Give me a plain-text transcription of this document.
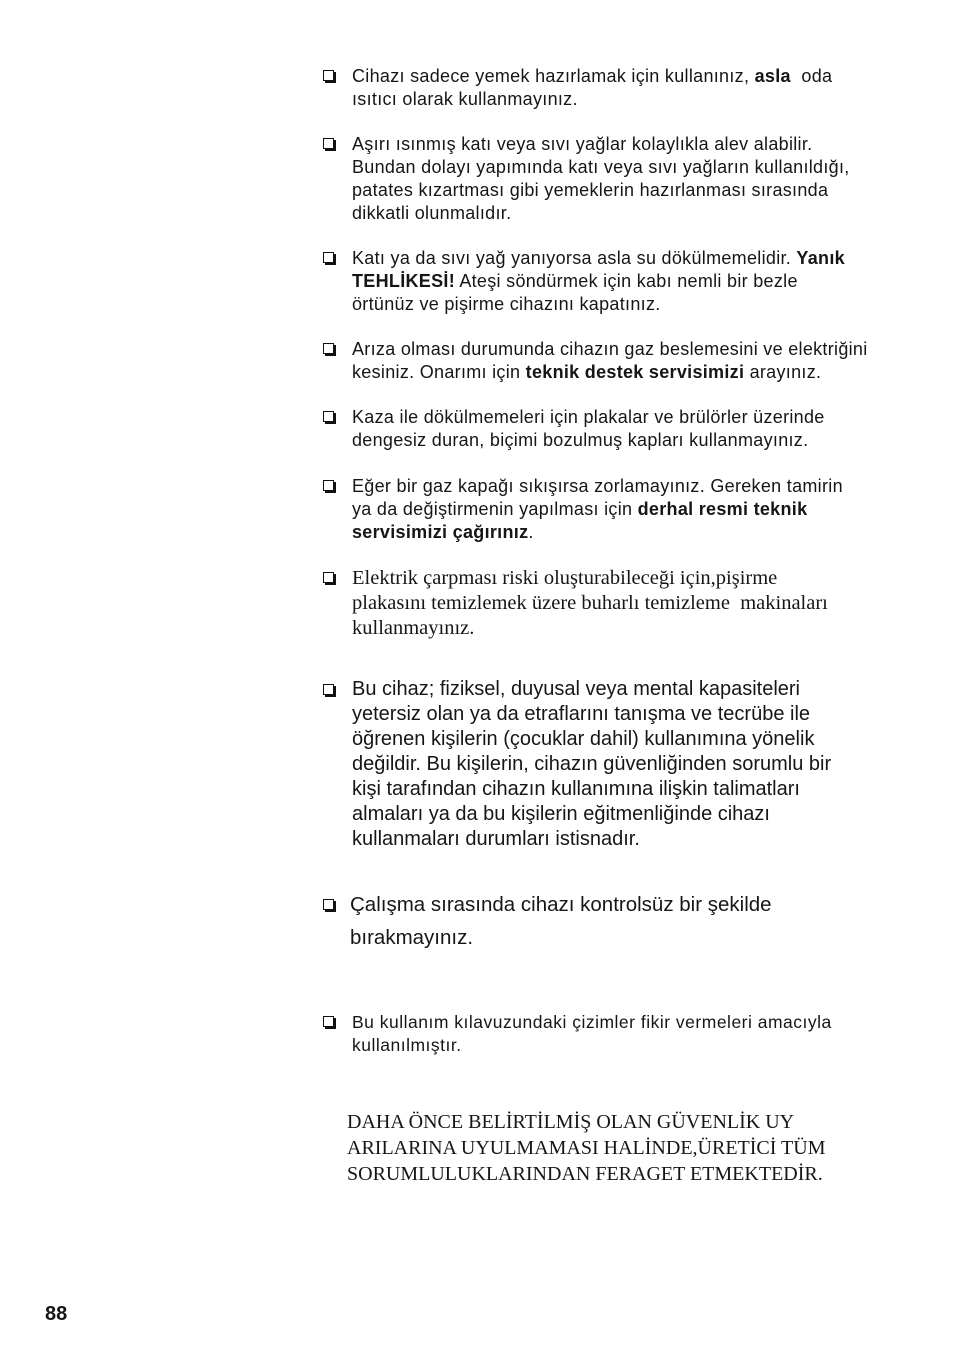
Cihazı sadece yemek hazırlamak için kullanınız, asla  oda
ısıtıcı olarak kullanmayınız.
Aşırı ısınmış katı veya sıvı yağlar kolaylıkla alev alabilir.
Bundan dolayı yapımında katı veya sıvı yağların kullanıldığı,
patates kızartması gibi yemeklerin hazırlanması sırasında
dikkatli olunmalıdır.
Katı ya da sıvı yağ yanıyorsa asla su dökülmemelidir. Yanık
TEHLİKESİ! Ateşi söndürmek için kabı nemli bir bezle
örtünüz ve pişirme cihazını kapatınız.
Arıza olması durumunda cihazın gaz beslemesini ve elektriğini
kesiniz. Onarımı için teknik destek servisimizi arayınız.
Kaza ile dökülmemeleri için plakalar ve brülörler üzerinde
dengesiz duran, biçimi bozulmuş kapları kullanmayınız.
Eğer bir gaz kapağı sıkışırsa zorlamayınız. Gereken tamirin
ya da değiştirmenin yapılması için derhal resmi teknik
servisimizi çağırınız.
Elektrik çarpması riski oluşturabileceği için,pişirme
plakasını temizlemek üzere buharlı temizleme  makinaları
kullanmayınız.
Bu cihaz; fiziksel, duyusal veya mental kapasiteleri
yetersiz olan ya da etraflarını tanışma ve tecrübe ile
öğrenen kişilerin (çocuklar dahil) kullanımına yönelik
değildir. Bu kişilerin, cihazın güvenliğinden sorumlu bir
kişi tarafından cihazın kullanımına ilişkin talimatları
almaları ya da bu kişilerin eğitmenliğinde cihazı
kullanmaları durumları istisnadır.
Çalışma sırasında cihazı kontrolsüz bir şekilde
bırakmayınız.
Bu kullanım kılavuzundaki çizimler fikir vermeleri amacıyla
kullanılmıştır.
DAHA ÖNCE BELİRTİLMİŞ OLAN GÜVENLİK UY
ARILARINA UYULMAMASI HALİNDE,ÜRETİCİ TÜM
SORUMLULUKLARINDAN FERAGET ETMEKTEDİR.
88
